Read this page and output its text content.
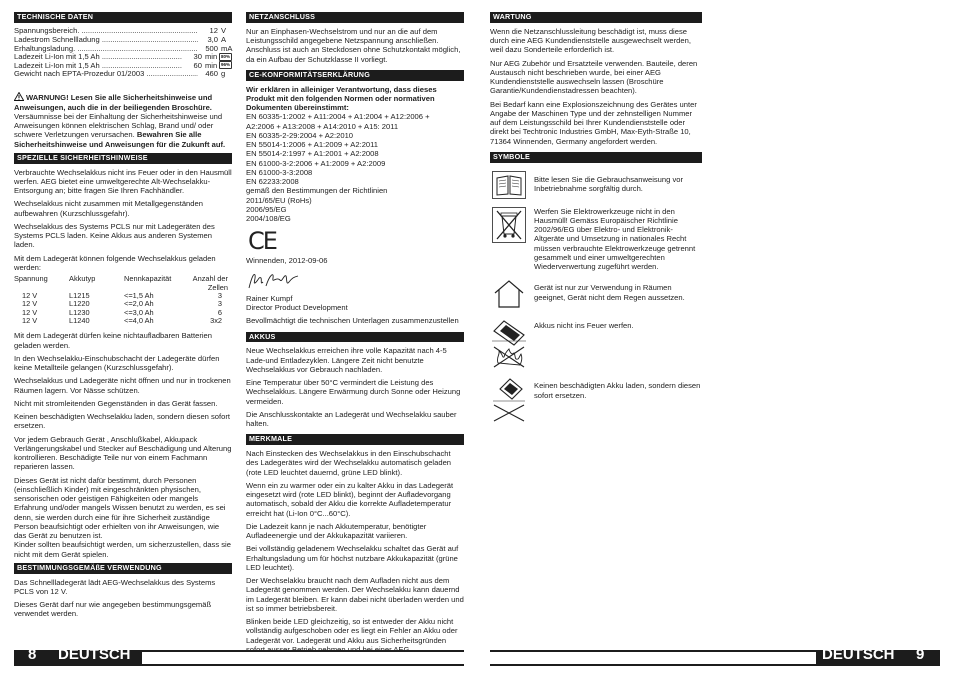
TECHNISCHE DATEN
Spannungsbereich. .....	12 V
Ladestrom Schnellladung .....	3,0 A
Erhaltungsladung. .....	500 mA
Ladezeit Li-Ion mit 1,5 Ah .....	30 min 80%
Ladezeit Li-Ion mit 1,5 Ah .....	60 min 96%
Gewicht nach EPTA-Prozedur 01/2003 .....	460 g
WARNUNG! Lesen Sie alle Sicherheitshinweise und Anweisungen, auch die in der beiliegenden Broschüre. Versäumnisse bei der Einhaltung der Sicherheitshinweise und Anweisungen können elektrischen Schlag, Brand und/ oder schwere Verletzungen verursachen. Bewahren Sie alle Sicherheitshinweise und Anweisungen für die Zukunft auf.
SPEZIELLE SICHERHEITSHINWEISE
Verbrauchte Wechselakkus nicht ins Feuer oder in den Hausmüll werfen. AEG bietet eine umweltgerechte Alt-Wechselakku-Entsorgung an; bitte fragen Sie Ihren Fachhändler.
Wechselakkus nicht zusammen mit Metallgegenständen aufbewahren (Kurzschlussgefahr).
Wechselakkus des Systems PCLS nur mit Ladegeräten des Systems PCLS laden. Keine Akkus aus anderen Systemen laden.
Mit dem Ladegerät können folgende Wechselakkus geladen werden:
Spannung	Akkutyp	Nennkapazität	Anzahl der Zellen
12 V	L1215	<=1,5 Ah	3
12 V	L1220	<=2,0 Ah	3
12 V	L1230	<=3,0 Ah	6
12 V	L1240	<=4,0 Ah	3x2
Mit dem Ladegerät dürfen keine nichtaufladbaren Batterien geladen werden.
In den Wechselakku-Einschubschacht der Ladegeräte dürfen keine Metallteile gelangen (Kurzschlussgefahr).
Wechselakkus und Ladegeräte nicht öffnen und nur in trockenen Räumen lagern. Vor Nässe schützen.
Nicht mit stromleitenden Gegenständen in das Gerät fassen.
Keinen beschädigten Wechselakku laden, sondern diesen sofort ersetzen.
Vor jedem Gebrauch Gerät , Anschlußkabel, Akkupack Verlängerungskabel und Stecker auf Beschädigung und Alterung kontrollieren. Beschädigte Teile nur von einem Fachmann reparieren lassen.
Dieses Gerät ist nicht dafür bestimmt, durch Personen (einschließlich Kinder) mit eingeschränkten physischen, sensorischen oder geistigen Fähigkeiten oder mangels Erfahrung und/oder mangels Wissen benutzt zu werden, es sei denn, sie werden durch eine für ihre Sicherheit zuständige Person beaufsichtigt oder erhielten von ihr Anweisungen, wie das Gerät zu benutzen ist.
Kinder sollten beaufsichtigt werden, um sicherzustellen, dass sie nicht mit dem Gerät spielen.
BESTIMMUNGSGEMÄßE VERWENDUNG
Das Schnellladegerät lädt AEG-Wechselakkus des Systems PCLS von 12 V.
Dieses Gerät darf nur wie angegeben bestimmungsgemäß verwendet werden.
NETZANSCHLUSS
Nur an Einphasen-Wechselstrom und nur an die auf dem Leistungsschild angegebene Netzspannung anschließen. Anschluss ist auch an Steckdosen ohne Schutzkontakt möglich, da ein Aufbau der Schutzklasse II vorliegt.
CE-KONFORMITÄTSERKLÄRUNG
Wir erklären in alleiniger Verantwortung, dass dieses Produkt mit den folgenden Normen oder normativen Dokumenten übereinstimmt:
EN 60335-1:2002 + A11:2004 + A1:2004 + A12:2006 +
A2:2006 + A13:2008 + A14:2010 + A15: 2011
EN 60335-2-29:2004 + A2:2010
EN 55014-1:2006 + A1:2009 + A2:2011
EN 55014-2:1997 + A1:2001 + A2:2008
EN 61000-3-2:2006 + A1:2009 + A2:2009
EN 61000-3-3:2008
EN 62233:2008
gemäß den Bestimmungen der Richtlinien
2011/65/EU (RoHs)
2006/95/EG
2004/108/EG
CE
Winnenden, 2012-09-06
Rainer Kumpf
Director Product Development
Bevollmächtigt die technischen Unterlagen zusammenzustellen
AKKUS
Neue Wechselakkus erreichen ihre volle Kapazität nach 4-5 Lade-und Entladezyklen. Längere Zeit nicht benutzte Wechselakkus vor Gebrauch nachladen.
Eine Temperatur über 50°C vermindert die Leistung des Wechselakkus. Längere Erwärmung durch Sonne oder Heizung vermeiden.
Die Anschlusskontakte an Ladegerät und Wechselakku sauber halten.
MERKMALE
Nach Einstecken des Wechselakkus in den Einschubschacht des Ladegerätes wird der Wechselakku automatisch geladen (rote LED leuchtet dauernd, grüne LED blinkt).
Wenn ein zu warmer oder ein zu kalter Akku in das Ladegerät eingesetzt wird (rote LED blinkt), beginnt der Aufladevorgang automatisch, sobald der Akku die korrekte Aufladetemperatur erreicht hat (Li-Ion 0°C...60°C).
Die Ladezeit kann je nach Akkutemperatur, benötigter Aufladeenergie und der Akkukapazität variieren.
Bei vollständig geladenem Wechselakku schaltet das Gerät auf Erhaltungsladung um für höchst nutzbare Akkukapazität (grüne LED leuchtet).
Der Wechselakku braucht nach dem Aufladen nicht aus dem Ladegerät genommen werden. Der Wechselakku kann dauernd im Ladegerät bleiben. Er kann dabei nicht überladen werden und ist so immer betriebsbereit.
Blinken beide LED gleichzeitig, so ist entweder der Akku nicht vollständig aufgeschoben oder es liegt ein Fehler an Akku oder Ladegerät vor. Ladegerät und Akku aus Sicherheitsgründen
WARTUNG
Wenn die Netzanschlussleitung beschädigt ist, muss diese durch eine AEG Kundendienststelle ausgewechselt werden, weil dazu Sonderteile erforderlich ist.
Nur AEG Zubehör und Ersatzteile verwenden. Bauteile, deren Austausch nicht beschrieben wurde, bei einer AEG Kundendienststelle auswechseln lassen (Broschüre Garantie/Kundendienstadressen beachten).
Bei Bedarf kann eine Explosionszeichnung des Gerätes unter Angabe der Maschinen Type und der zehnstelligen Nummer auf dem Leistungsschild bei Ihrer Kundendienststelle oder direkt bei Techtronic Industries GmbH, Max-Eyth-Straße 10, 71364 Winnenden, Germany angefordert werden.
SYMBOLE
Bitte lesen Sie die Gebrauchsanweisung vor Inbetriebnahme sorgfältig durch.
Werfen Sie Elektrowerkzeuge nicht in den Hausmüll! Gemäss Europäischer Richtlinie 2002/96/EG über Elektro- und Elektronik-Altgeräte und Umsetzung in nationales Recht müssen verbrauchte Elektrowerkzeuge getrennt gesammelt und einer umweltgerechten Wiederverwertung zugeführt werden.
Gerät ist nur zur Verwendung in Räumen geeignet, Gerät nicht dem Regen aussetzen.
Akkus nicht ins Feuer werfen.
Keinen beschädigten Akku laden, sondern diesen sofort ersetzen.
8 DEUTSCH	DEUTSCH 9
